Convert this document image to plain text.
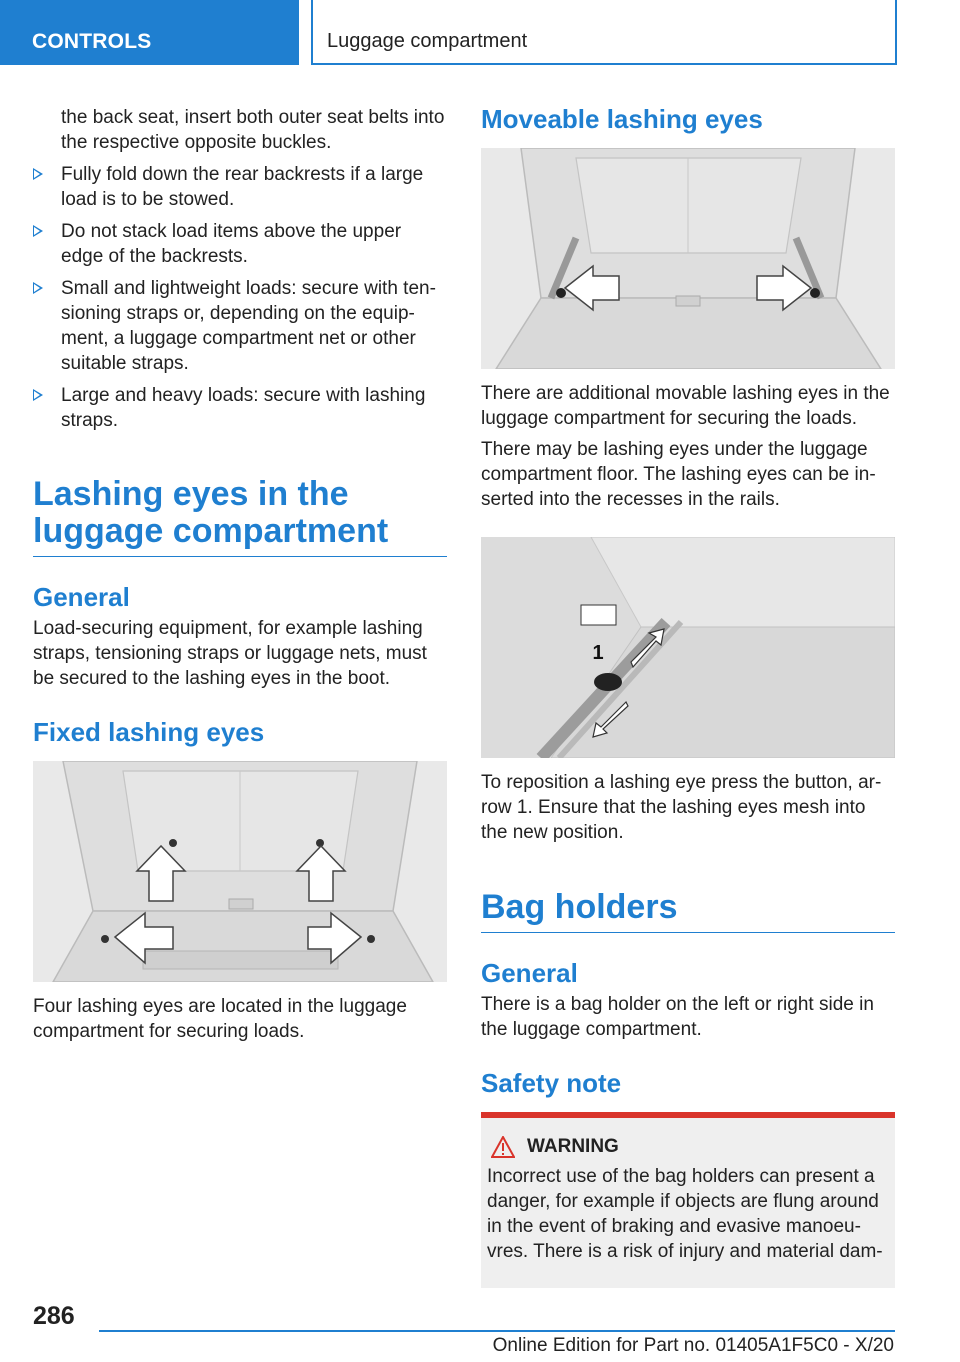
CONTROLS	Luggage compartment

the back seat, insert both outer seat belts into the respective opposite buckles.

Fully fold down the rear backrests if a large load is to be stowed.

Do not stack load items above the upper edge of the backrests.

Small and lightweight loads: secure with ten‐sioning straps or, depending on the equip‐ment, a luggage compartment net or other suitable straps.

Large and heavy loads: secure with lashing straps.

Lashing eyes in the luggage compartment
General

Load-securing equipment, for example lashing straps, tensioning straps or luggage nets, must be secured to the lashing eyes in the boot.

Fixed lashing eyes

Four lashing eyes are located in the luggage compartment for securing loads.

Moveable lashing eyes

There are additional movable lashing eyes in the luggage compartment for securing the loads.

There may be lashing eyes under the luggage compartment floor. The lashing eyes can be in‐serted into the recesses in the rails.

1

To reposition a lashing eye press the button, ar‐row 1. Ensure that the lashing eyes mesh into the new position.

Bag holders
General

There is a bag holder on the left or right side in the luggage compartment.

Safety note
WARNING

Incorrect use of the bag holders can present a danger, for example if objects are flung around in the event of braking and evasive manoeu‐vres. There is a risk of injury and material dam‐

286
Online Edition for Part no. 01405A1F5C0 - X/20
